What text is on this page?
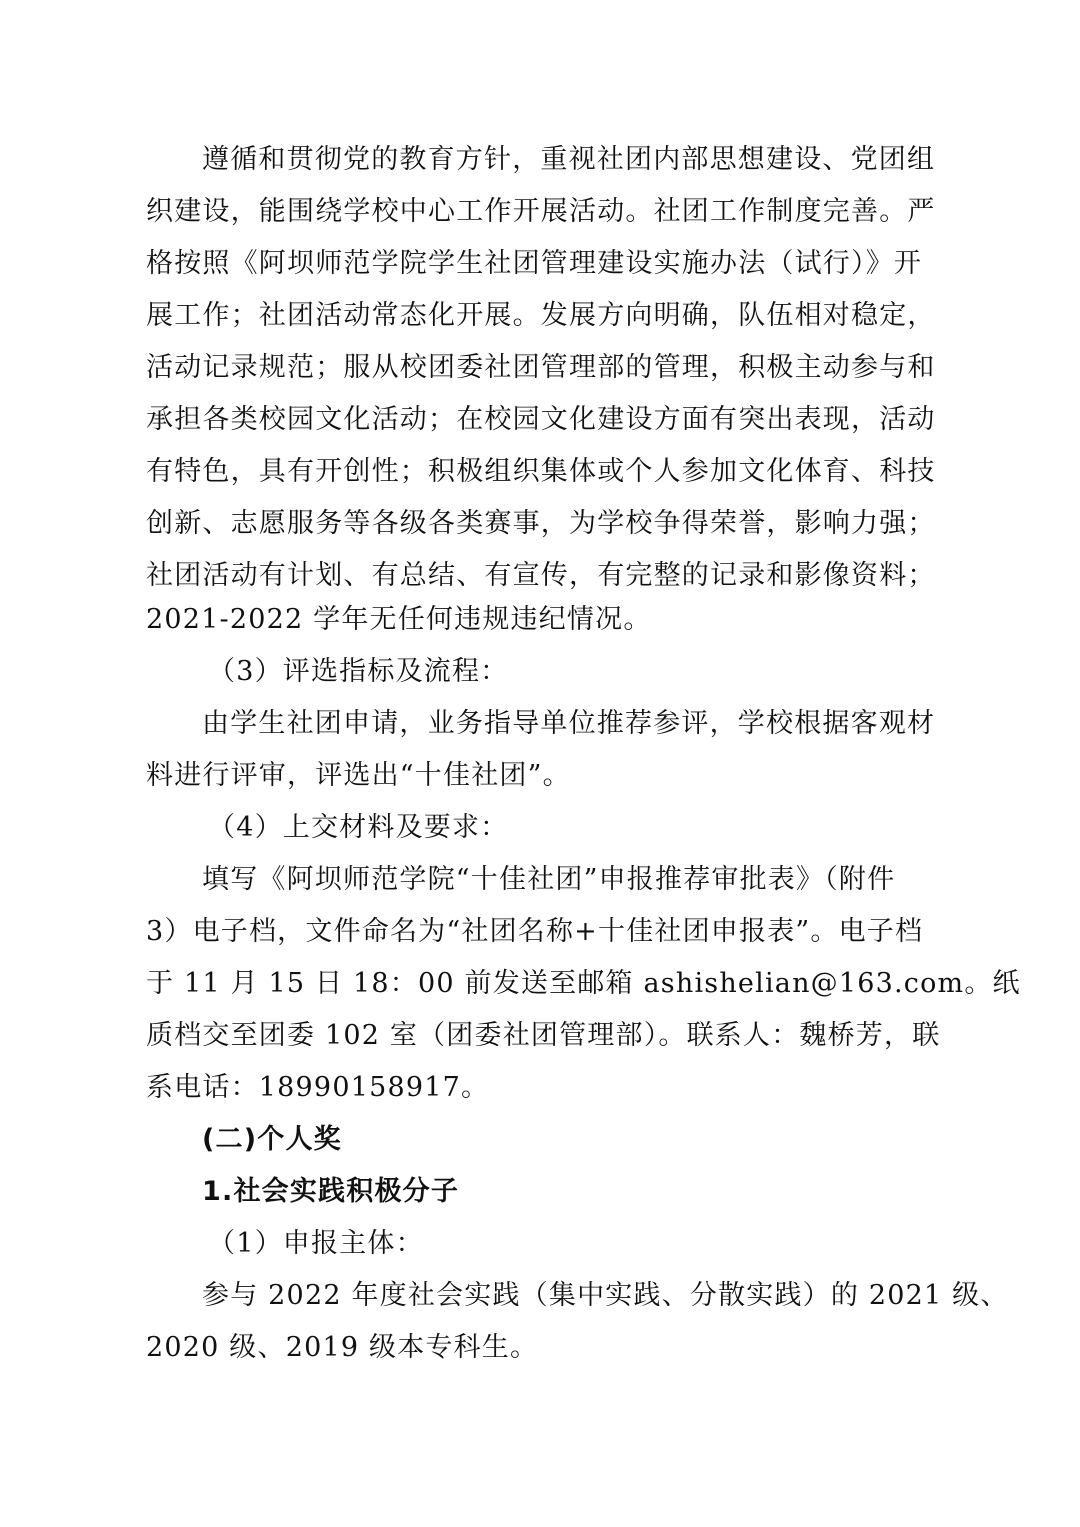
遵循和贯彻党的教育方针，重视社团内部思想建设、党团组
织建设，能围绕学校中心工作开展活动。社团工作制度完善。严
格按照《阿坝师范学院学生社团管理建设实施办法（试行）》开
展工作；社团活动常态化开展。发展方向明确，队伍相对稳定，
活动记录规范；服从校团委社团管理部的管理，积极主动参与和
承担各类校园文化活动；在校园文化建设方面有突出表现，活动
有特色，具有开创性；积极组织集体或个人参加文化体育、科技
创新、志愿服务等各级各类赛事，为学校争得荣誉，影响力强；
社团活动有计划、有总结、有宣传，有完整的记录和影像资料；
2021-2022 学年无任何违规违纪情况。
（3）评选指标及流程：
由学生社团申请，业务指导单位推荐参评，学校根据客观材
料进行评审，评选出“十佳社团”。
（4）上交材料及要求：
填写《阿坝师范学院“十佳社团”申报推荐审批表》（附件
3）电子档，文件命名为“社团名称+十佳社团申报表”。电子档
于 11 月 15 日 18：00 前发送至邮箱 ashishelian@163.com。纸
质档交至团委 102 室（团委社团管理部）。联系人：魏桥芳，联
系电话：18990158917。
(二)个人奖
1.社会实践积极分子
（1）申报主体：
参与 2022 年度社会实践（集中实践、分散实践）的 2021 级、
2020 级、2019 级本专科生。
